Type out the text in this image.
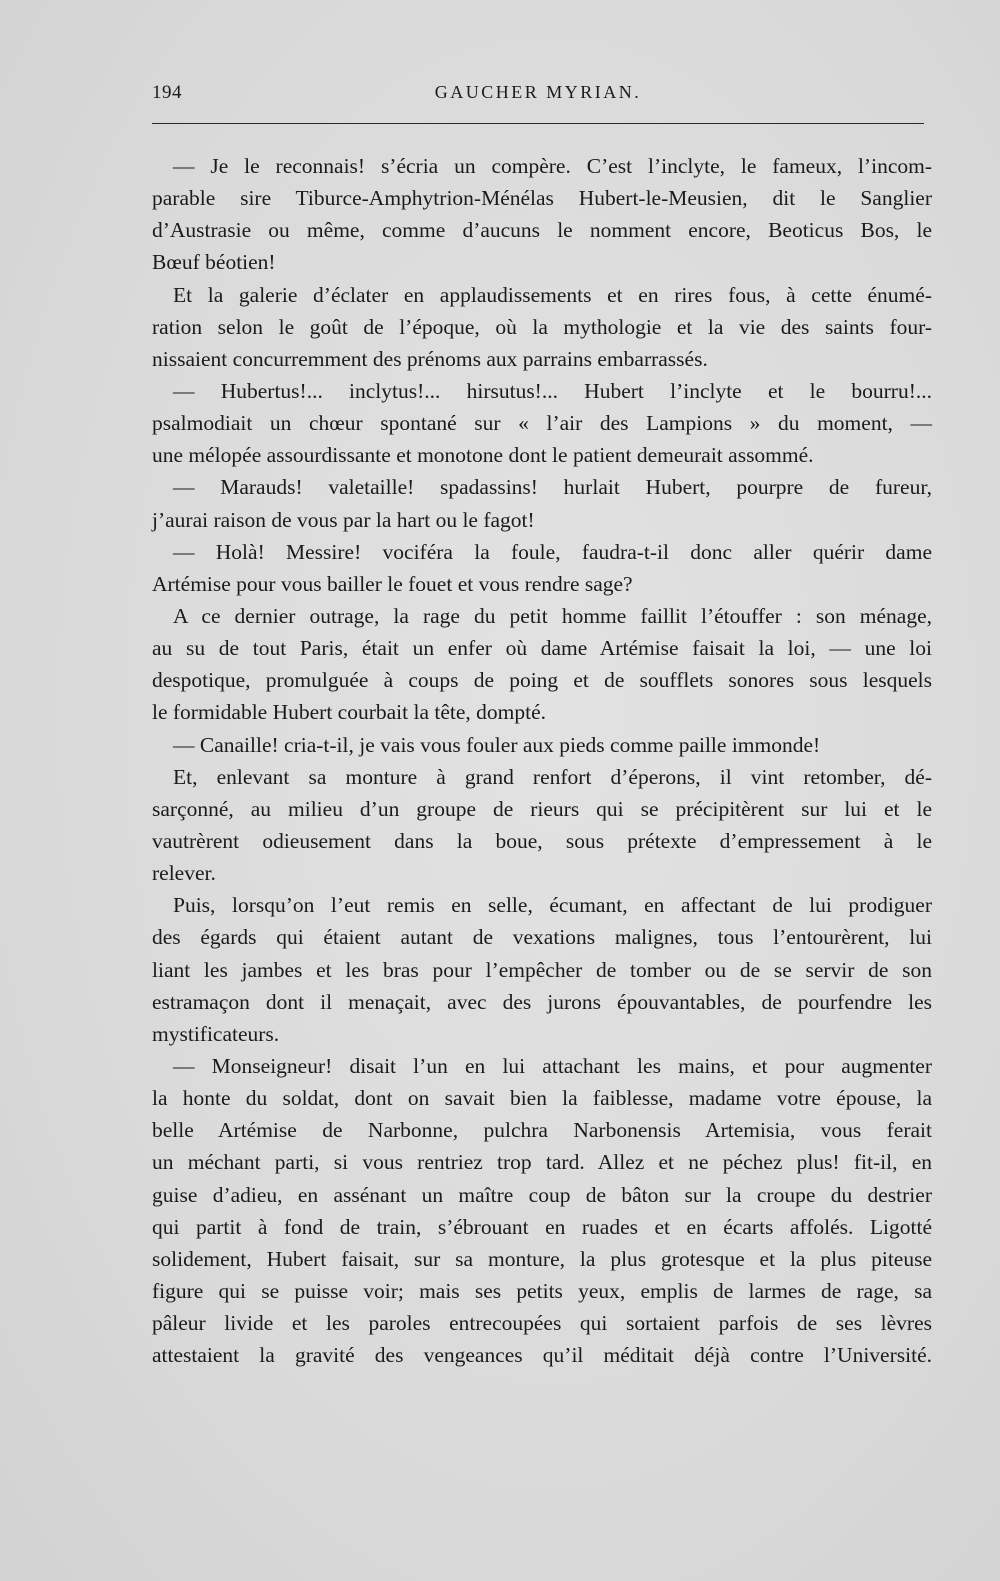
194	GAUCHER MYRIAN.
— Je le reconnais! s’écria un compère. C’est l’inclyte, le fameux, l’incom-
parable sire Tiburce-Amphytrion-Ménélas Hubert-le-Meusien, dit le Sanglier
d’Austrasie ou même, comme d’aucuns le nomment encore, Beoticus Bos, le
Bœuf béotien!
Et la galerie d’éclater en applaudissements et en rires fous, à cette énumé-
ration selon le goût de l’époque, où la mythologie et la vie des saints four-
nissaient concurremment des prénoms aux parrains embarrassés.
— Hubertus!... inclytus!... hirsutus!... Hubert l’inclyte et le bourru!...
psalmodiait un chœur spontané sur « l’air des Lampions » du moment, —
une mélopée assourdissante et monotone dont le patient demeurait assommé.
— Marauds! valetaille! spadassins! hurlait Hubert, pourpre de fureur,
j’aurai raison de vous par la hart ou le fagot!
— Holà! Messire! vociféra la foule, faudra-t-il donc aller quérir dame
Artémise pour vous bailler le fouet et vous rendre sage?
A ce dernier outrage, la rage du petit homme faillit l’étouffer : son ménage,
au su de tout Paris, était un enfer où dame Artémise faisait la loi, — une loi
despotique, promulguée à coups de poing et de soufflets sonores sous lesquels
le formidable Hubert courbait la tête, dompté.
— Canaille! cria-t-il, je vais vous fouler aux pieds comme paille immonde!
Et, enlevant sa monture à grand renfort d’éperons, il vint retomber, dé-
sarçonné, au milieu d’un groupe de rieurs qui se précipitèrent sur lui et le
vautrèrent odieusement dans la boue, sous prétexte d’empressement à le
relever.
Puis, lorsqu’on l’eut remis en selle, écumant, en affectant de lui prodiguer
des égards qui étaient autant de vexations malignes, tous l’entourèrent, lui
liant les jambes et les bras pour l’empêcher de tomber ou de se servir de son
estramaçon dont il menaçait, avec des jurons épouvantables, de pourfendre les
mystificateurs.
— Monseigneur! disait l’un en lui attachant les mains, et pour augmenter
la honte du soldat, dont on savait bien la faiblesse, madame votre épouse, la
belle Artémise de Narbonne, pulchra Narbonensis Artemisia, vous ferait
un méchant parti, si vous rentriez trop tard. Allez et ne péchez plus! fit-il, en
guise d’adieu, en assénant un maître coup de bâton sur la croupe du destrier
qui partit à fond de train, s’ébrouant en ruades et en écarts affolés. Ligotté
solidement, Hubert faisait, sur sa monture, la plus grotesque et la plus piteuse
figure qui se puisse voir; mais ses petits yeux, emplis de larmes de rage, sa
pâleur livide et les paroles entrecoupées qui sortaient parfois de ses lèvres
attestaient la gravité des vengeances qu’il méditait déjà contre l’Université.
